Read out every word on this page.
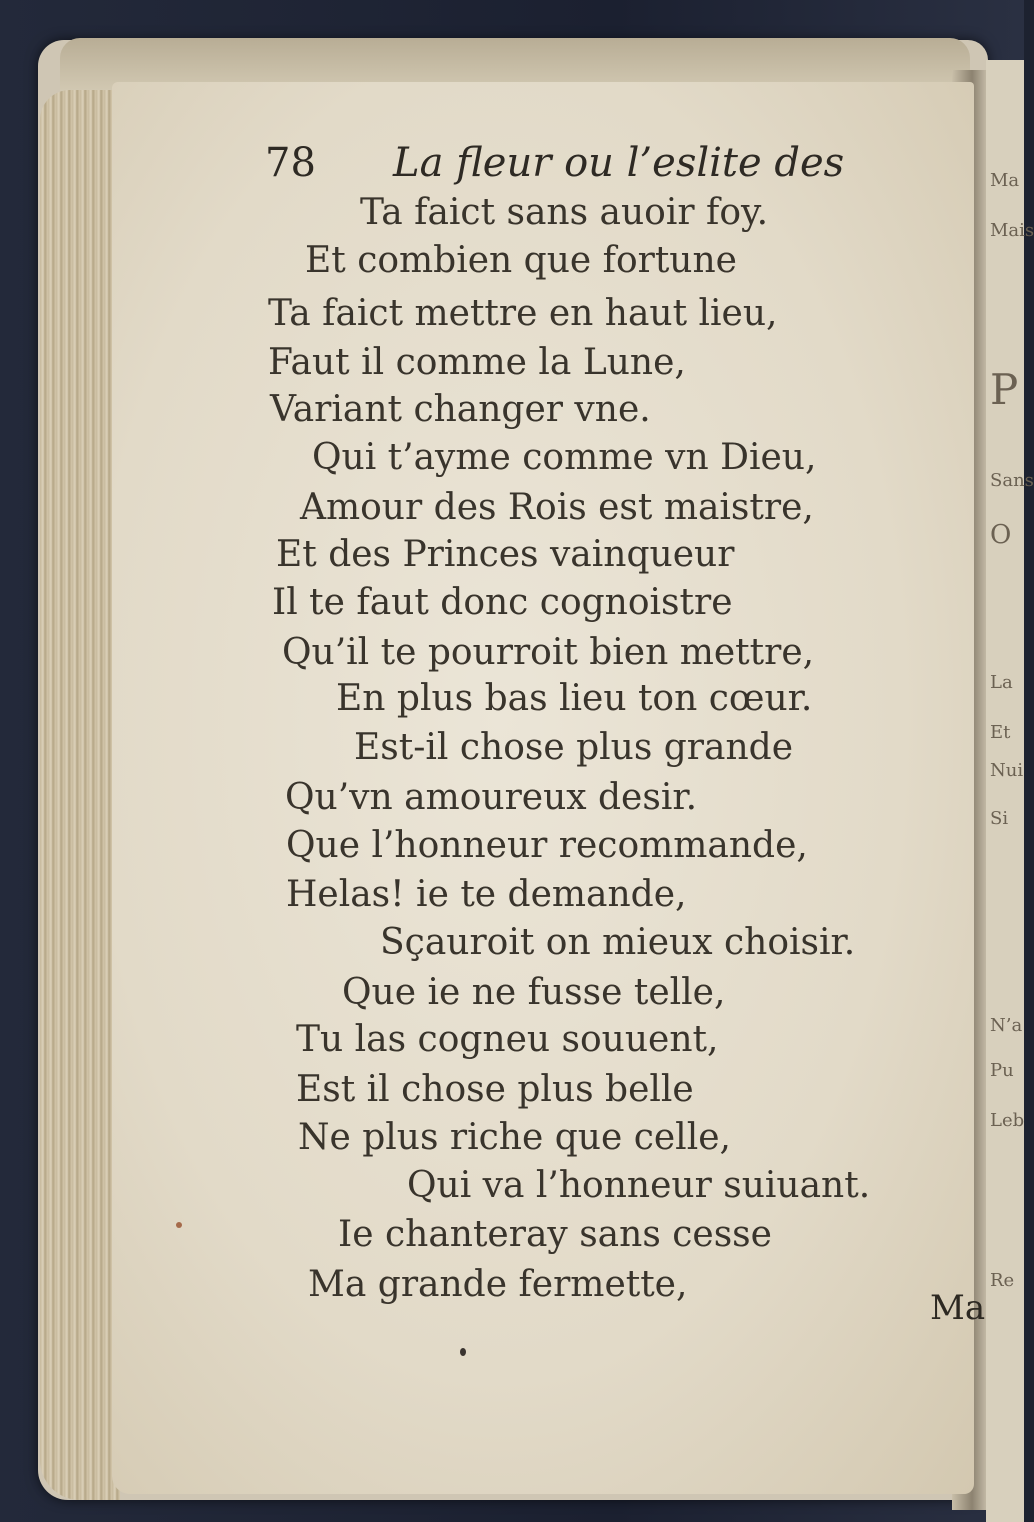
Ma
Mais
P
Sans
O
La
Et
Nui
Si
N’a
Pu
Leb
Re
78 La fleur ou l’eslite des

Ta faict sans auoir foy.

Et combien que fortune

Ta faict mettre en haut lieu,

Faut il comme la Lune,

Variant changer vne.

Qui t’ayme comme vn Dieu,

Amour des Rois est maistre,

Et des Princes vainqueur

Il te faut donc cognoistre

Qu’il te pourroit bien mettre,

En plus bas lieu ton cœur.

Est-il chose plus grande

Qu’vn amoureux desir.

Que l’honneur recommande,

Helas! ie te demande,

Sçauroit on mieux choisir.

Que ie ne fusse telle,

Tu las cogneu souuent,

Est il chose plus belle

Ne plus riche que celle,

Qui va l’honneur suiuant.

Ie chanteray sans cesse

Ma grande fermette,

Ma
